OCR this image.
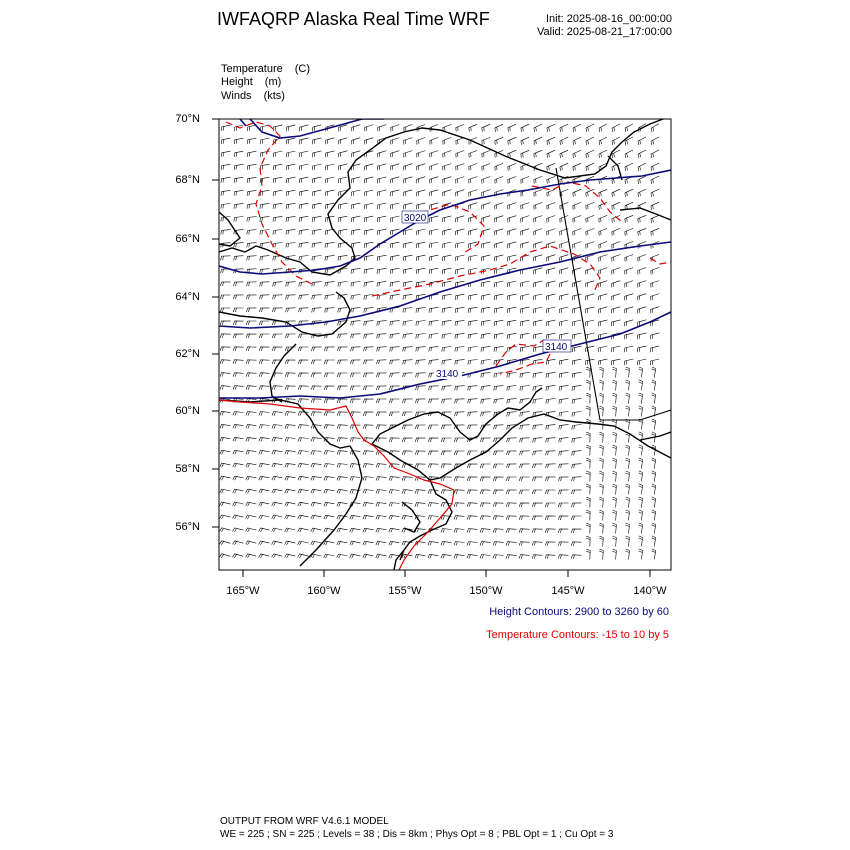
IWFAQRP Alaska Real Time WRF	Init: 2025-08-16_00:00:00
Valid: 2025-08-21_17:00:00
Temperature (C)
Height (m)
Winds (kts)
3020
3140
3140
70°N
68°N
66°N
64°N
62°N
60°N
58°N
56°N
165°W	160°W	155°W	150°W	145°W	140°W
Height Contours: 2900 to 3260 by 60
Temperature Contours: -15 to 10 by 5
OUTPUT FROM WRF V4.6.1 MODEL
WE = 225 ; SN = 225 ; Levels = 38 ; Dis = 8km ; Phys Opt = 8 ; PBL Opt = 1 ; Cu Opt = 3
